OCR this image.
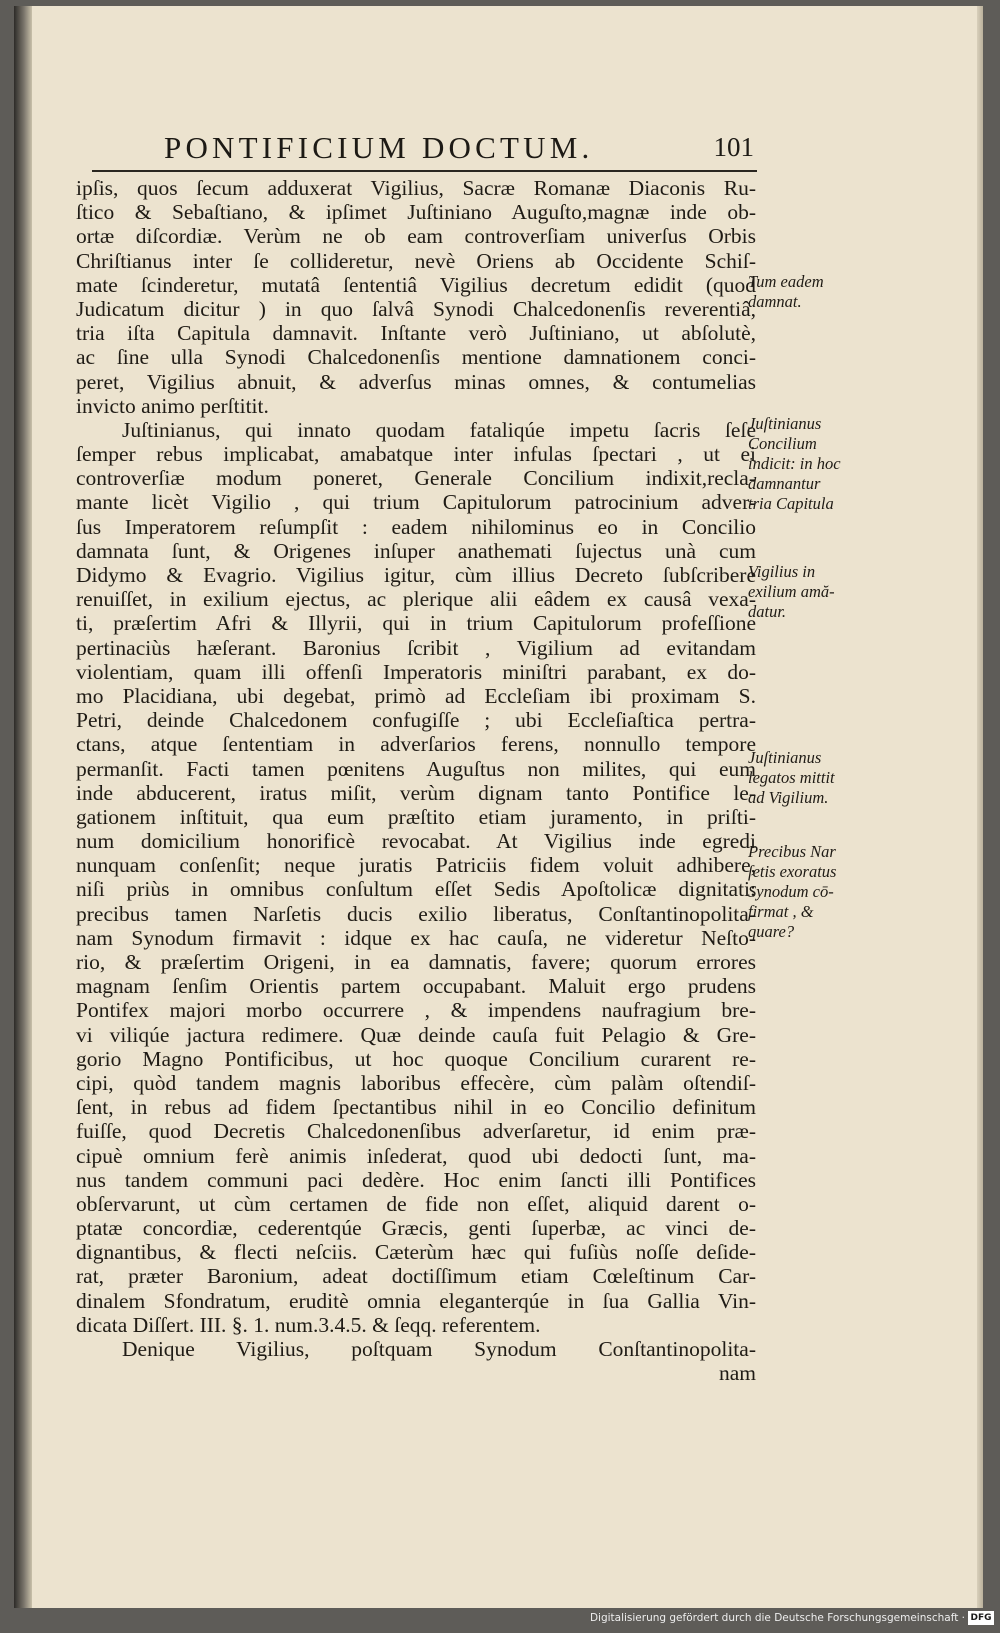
PONTIFICIUM DOCTUM.	101
ipſis, quos ſecum adduxerat Vigilius, Sacræ Romanæ Diaconis Ru-
ſtico & Sebaſtiano, & ipſimet Juſtiniano Auguſto,magnæ inde ob-
ortæ diſcordiæ. Verùm ne ob eam controverſiam univerſus Orbis
Chriſtianus inter ſe collideretur, nevè Oriens ab Occidente Schiſ-
mate ſcinderetur, mutatâ ſententiâ Vigilius decretum edidit (quod
Judicatum dicitur ) in quo ſalvâ Synodi Chalcedonenſis reverentiâ,
tria iſta Capitula damnavit. Inſtante verò Juſtiniano, ut abſolutè,
ac ſine ulla Synodi Chalcedonenſis mentione damnationem conci-
peret, Vigilius abnuit, & adverſus minas omnes, & contumelias
invicto animo perſtitit.
Juſtinianus, qui innato quodam fataliqúe impetu ſacris ſeſe
ſemper rebus implicabat, amabatque inter infulas ſpectari , ut ei
controverſiæ modum poneret, Generale Concilium indixit,recla-
mante licèt Vigilio , qui trium Capitulorum patrocinium adver-
ſus Imperatorem reſumpſit : eadem nihilominus eo in Concilio
damnata ſunt, & Origenes inſuper anathemati ſujectus unà cum
Didymo & Evagrio. Vigilius igitur, cùm illius Decreto ſubſcribere
renuiſſet, in exilium ejectus, ac plerique alii eâdem ex causâ vexa-
ti, præſertim Afri & Illyrii, qui in trium Capitulorum profeſſione
pertinaciùs hæſerant. Baronius ſcribit , Vigilium ad evitandam
violentiam, quam illi offenſi Imperatoris miniſtri parabant, ex do-
mo Placidiana, ubi degebat, primò ad Eccleſiam ibi proximam S.
Petri, deinde Chalcedonem confugiſſe ; ubi Eccleſiaſtica pertra-
ctans, atque ſententiam in adverſarios ferens, nonnullo tempore
permanſit. Facti tamen pœnitens Auguſtus non milites, qui eum
inde abducerent, iratus miſit, verùm dignam tanto Pontifice le-
gationem inſtituit, qua eum præſtito etiam juramento, in priſti-
num domicilium honorificè revocabat. At Vigilius inde egredi
nunquam conſenſit; neque juratis Patriciis fidem voluit adhibere,
niſi priùs in omnibus conſultum eſſet Sedis Apoſtolicæ dignitati:
precibus tamen Narſetis ducis exilio liberatus, Conſtantinopolita-
nam Synodum firmavit : idque ex hac cauſa, ne videretur Neſto-
rio, & præſertim Origeni, in ea damnatis, favere; quorum errores
magnam ſenſim Orientis partem occupabant. Maluit ergo prudens
Pontifex majori morbo occurrere , & impendens naufragium bre-
vi viliqúe jactura redimere. Quæ deinde cauſa fuit Pelagio & Gre-
gorio Magno Pontificibus, ut hoc quoque Concilium curarent re-
cipi, quòd tandem magnis laboribus effecère, cùm palàm oſtendiſ-
ſent, in rebus ad fidem ſpectantibus nihil in eo Concilio definitum
fuiſſe, quod Decretis Chalcedonenſibus adverſaretur, id enim præ-
cipuè omnium ferè animis inſederat, quod ubi dedocti ſunt, ma-
nus tandem communi paci dedère. Hoc enim ſancti illi Pontifices
obſervarunt, ut cùm certamen de fide non eſſet, aliquid darent o-
ptatæ concordiæ, cederentqúe Græcis, genti ſuperbæ, ac vinci de-
dignantibus, & flecti neſciis. Cæterùm hæc qui fuſiùs noſſe deſide-
rat, præter Baronium, adeat doctiſſimum etiam Cœleſtinum Car-
dinalem Sfondratum, eruditè omnia eleganterqúe in ſua Gallia Vin-
dicata Diſſert. III. §. 1. num.3.4.5. & ſeqq. referentem.
Denique Vigilius, poſtquam Synodum Conſtantinopolita-
nam
Tum eadem
damnat.
Juſtinianus
Concilium
indicit: in hoc
damnantur
tria Capitula
Vigilius in
exilium amă-
datur.
Juſtinianus
legatos mittit
ad Vigilium.
Precibus Nar
ſetis exoratus
Synodum cō-
firmat , &
quare?
Digitalisierung gefördert durch die Deutsche Forschungsgemeinschaft · DFG
